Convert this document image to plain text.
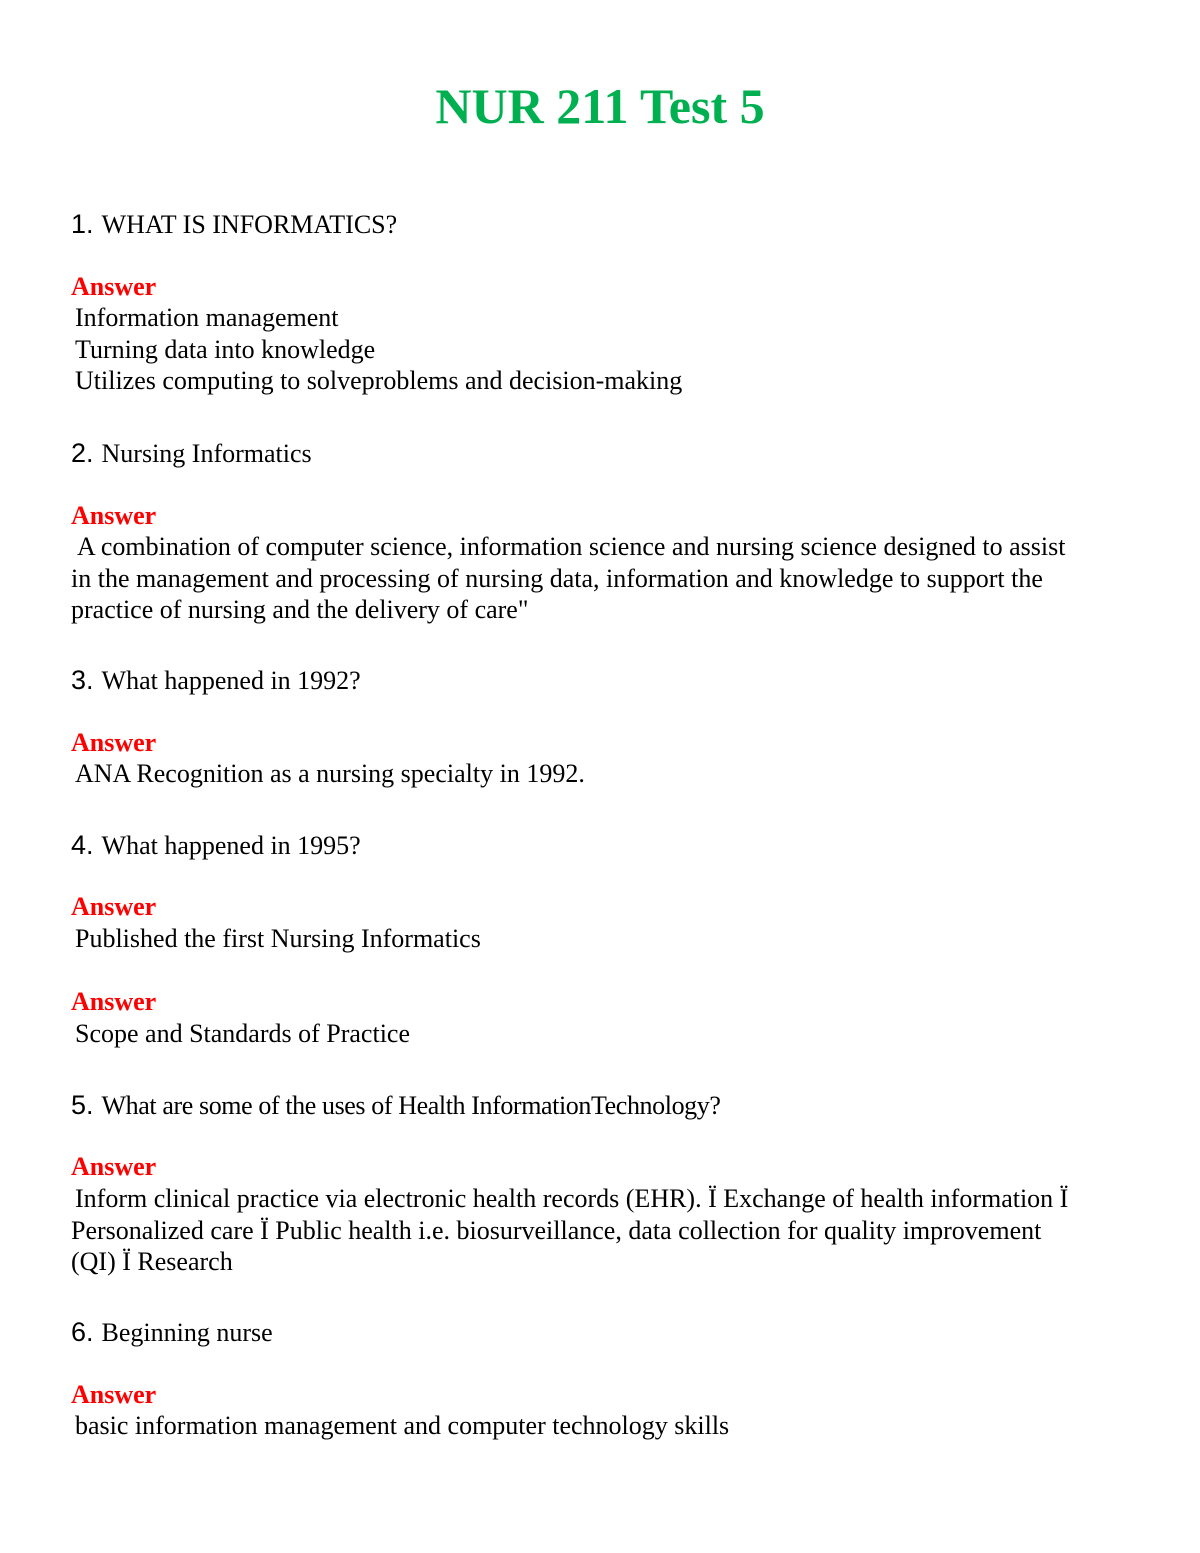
NUR 211 Test 5

1. WHAT IS INFORMATICS?

Answer

Information management
Turning data into knowledge
Utilizes computing to solveproblems and decision-making

2. Nursing Informatics

Answer

A combination of computer science, information science and nursing science designed to assist
in the management and processing of nursing data, information and knowledge to support the
practice of nursing and the delivery of care"

3. What happened in 1992?

Answer

ANA Recognition as a nursing specialty in 1992.

4. What happened in 1995?

Answer

Published the first Nursing Informatics

Answer

Scope and Standards of Practice

5. What are some of the uses of Health InformationTechnology?

Answer

Inform clinical practice via electronic health records (EHR). Ï Exchange of health information Ï
Personalized care Ï Public health i.e. biosurveillance, data collection for quality improvement
(QI) Ï Research

6. Beginning nurse

Answer

basic information management and computer technology skills
